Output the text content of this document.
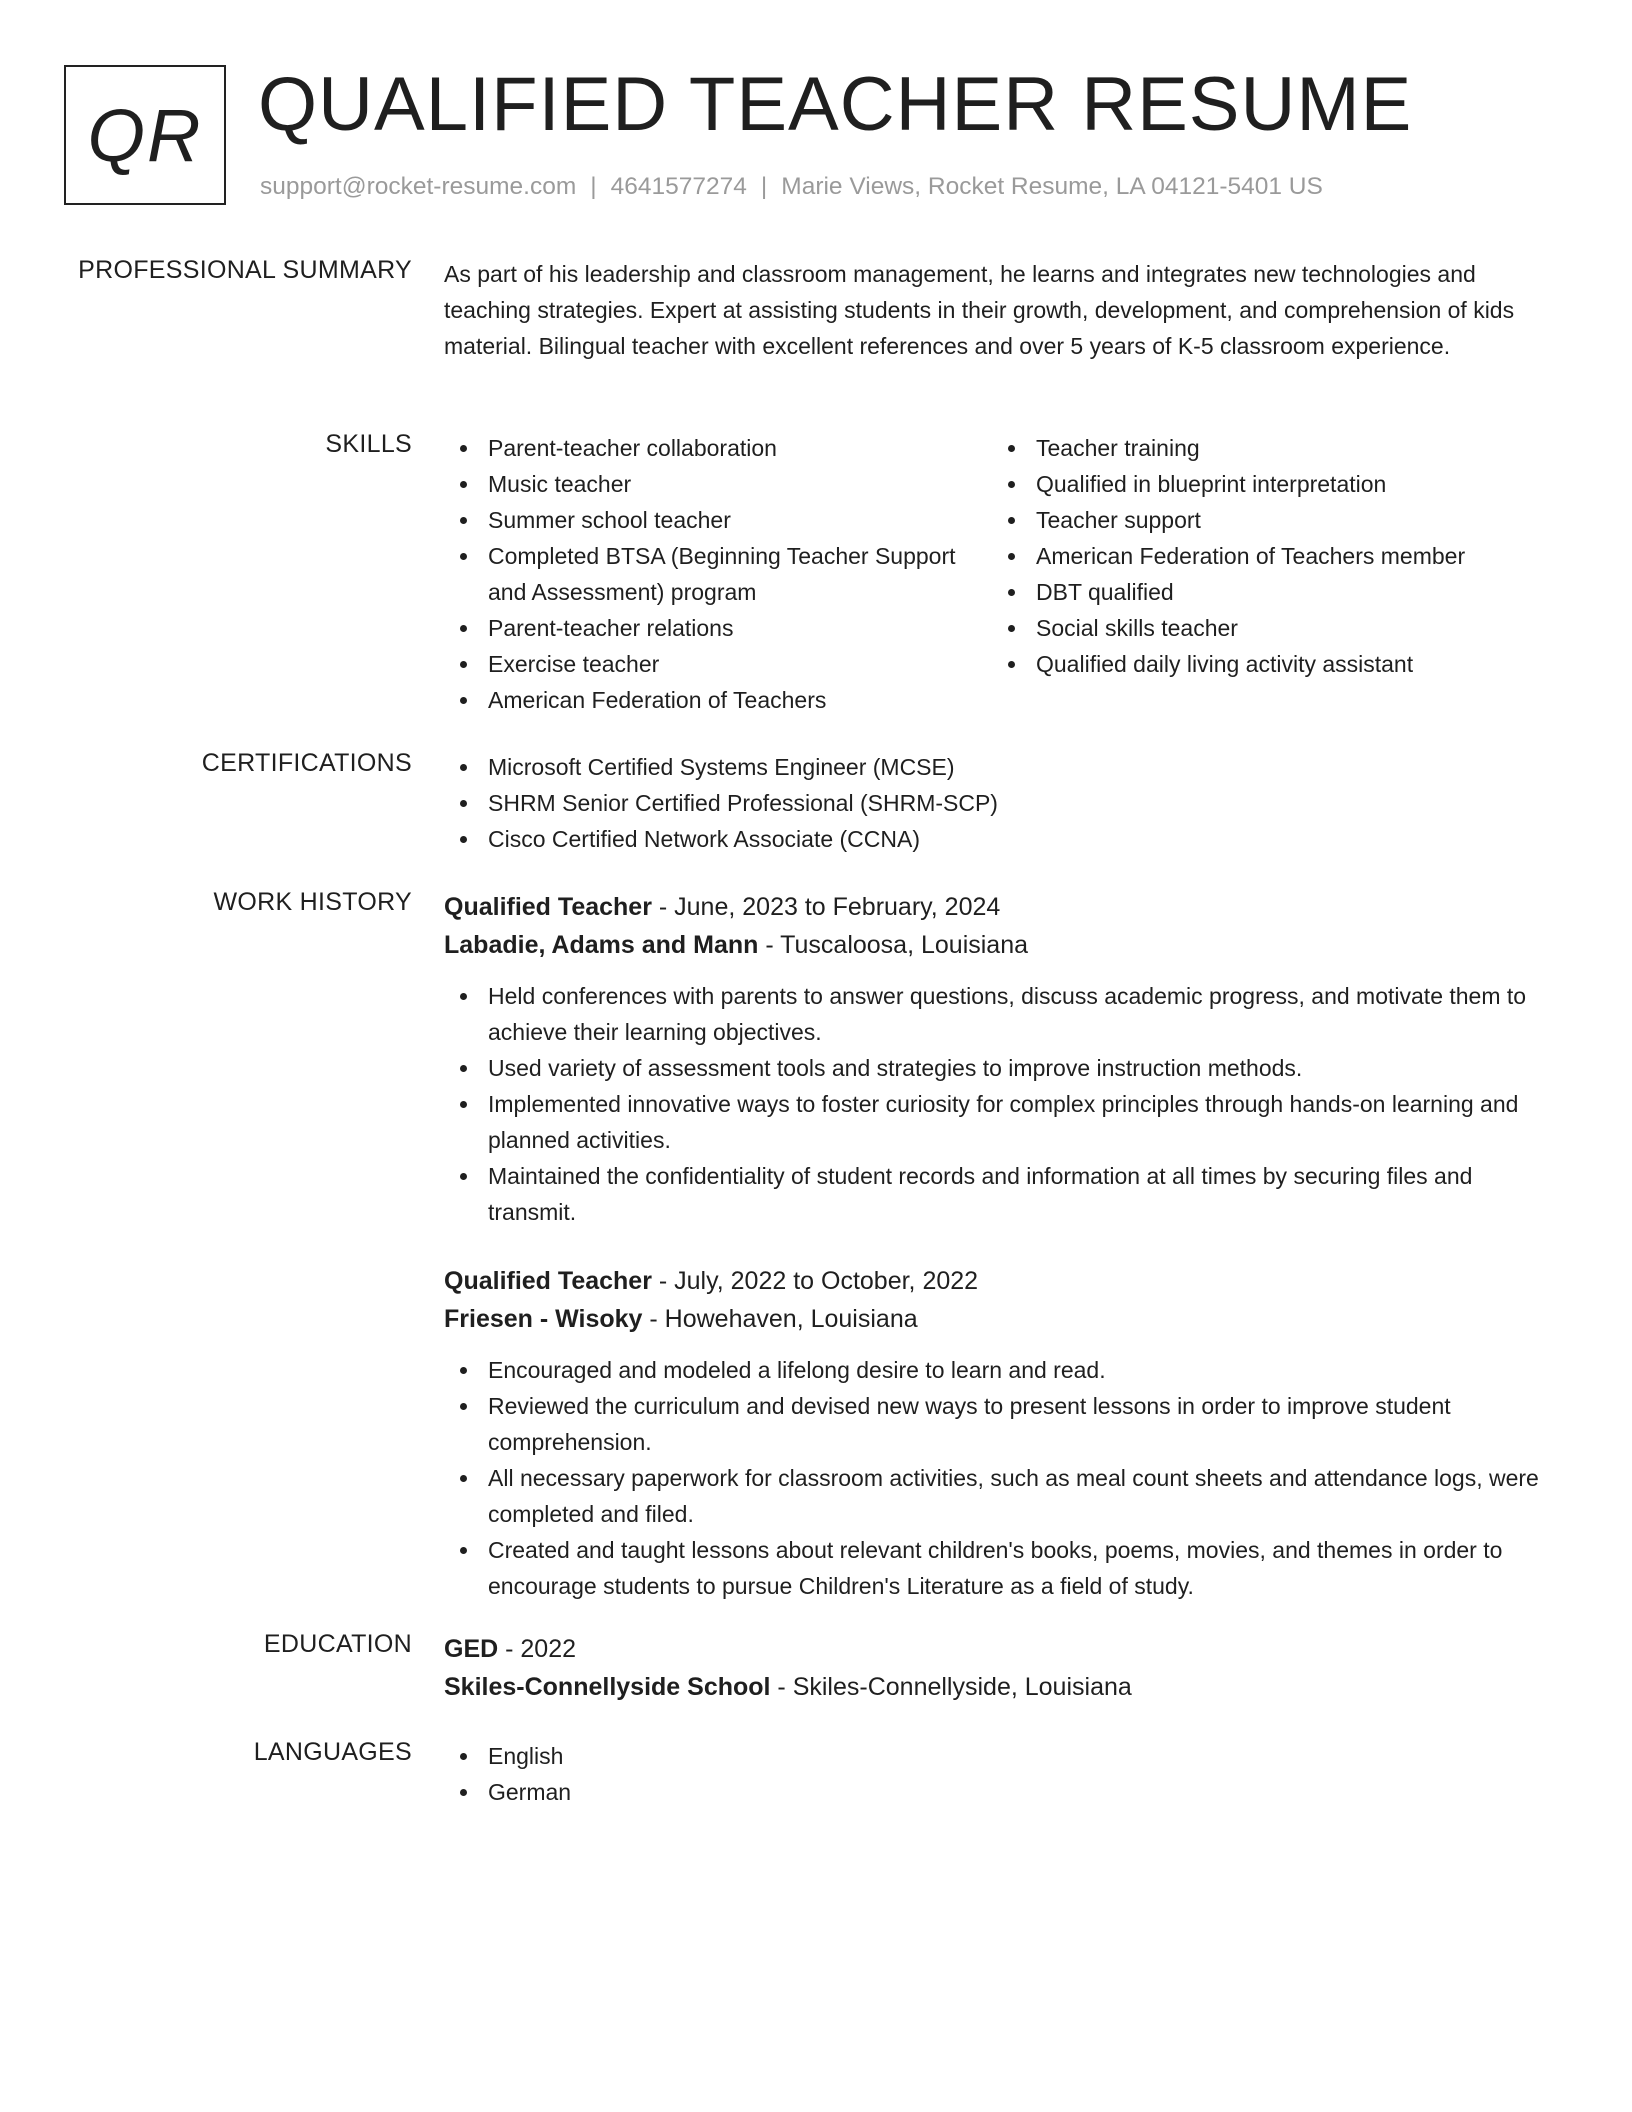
QR QUALIFIED TEACHER RESUME
support@rocket-resume.com | 4641577274 | Marie Views, Rocket Resume, LA 04121-5401 US
PROFESSIONAL SUMMARY As part of his leadership and classroom management, he learns and integrates new technologies and teaching strategies. Expert at assisting students in their growth, development, and comprehension of kids material. Bilingual teacher with excellent references and over 5 years of K-5 classroom experience.

SKILLS	Parent-teacher collaboration
Music teacher
Summer school teacher
Completed BTSA (Beginning Teacher Support and Assessment) program
Parent-teacher relations
Exercise teacher
American Federation of Teachers
Teacher training
Qualified in blueprint interpretation
Teacher support
American Federation of Teachers member
DBT qualified
Social skills teacher
Qualified daily living activity assistant
CERTIFICATIONS	Microsoft Certified Systems Engineer (MCSE)
SHRM Senior Certified Professional (SHRM-SCP)
Cisco Certified Network Associate (CCNA)
WORK HISTORY Qualified Teacher - June, 2023 to February, 2024

Labadie, Adams and Mann - Tuscaloosa, Louisiana

Held conferences with parents to answer questions, discuss academic progress, and motivate them to achieve their learning objectives.
Used variety of assessment tools and strategies to improve instruction methods.
Implemented innovative ways to foster curiosity for complex principles through hands-on learning and planned activities.
Maintained the confidentiality of student records and information at all times by securing files and transmit.

Qualified Teacher - July, 2022 to October, 2022

Friesen - Wisoky - Howehaven, Louisiana

Encouraged and modeled a lifelong desire to learn and read.
Reviewed the curriculum and devised new ways to present lessons in order to improve student comprehension.
All necessary paperwork for classroom activities, such as meal count sheets and attendance logs, were completed and filed.
Created and taught lessons about relevant children's books, poems, movies, and themes in order to encourage students to pursue Children's Literature as a field of study.
EDUCATION GED - 2022

Skiles-Connellyside School - Skiles-Connellyside, Louisiana

LANGUAGES	English
German
